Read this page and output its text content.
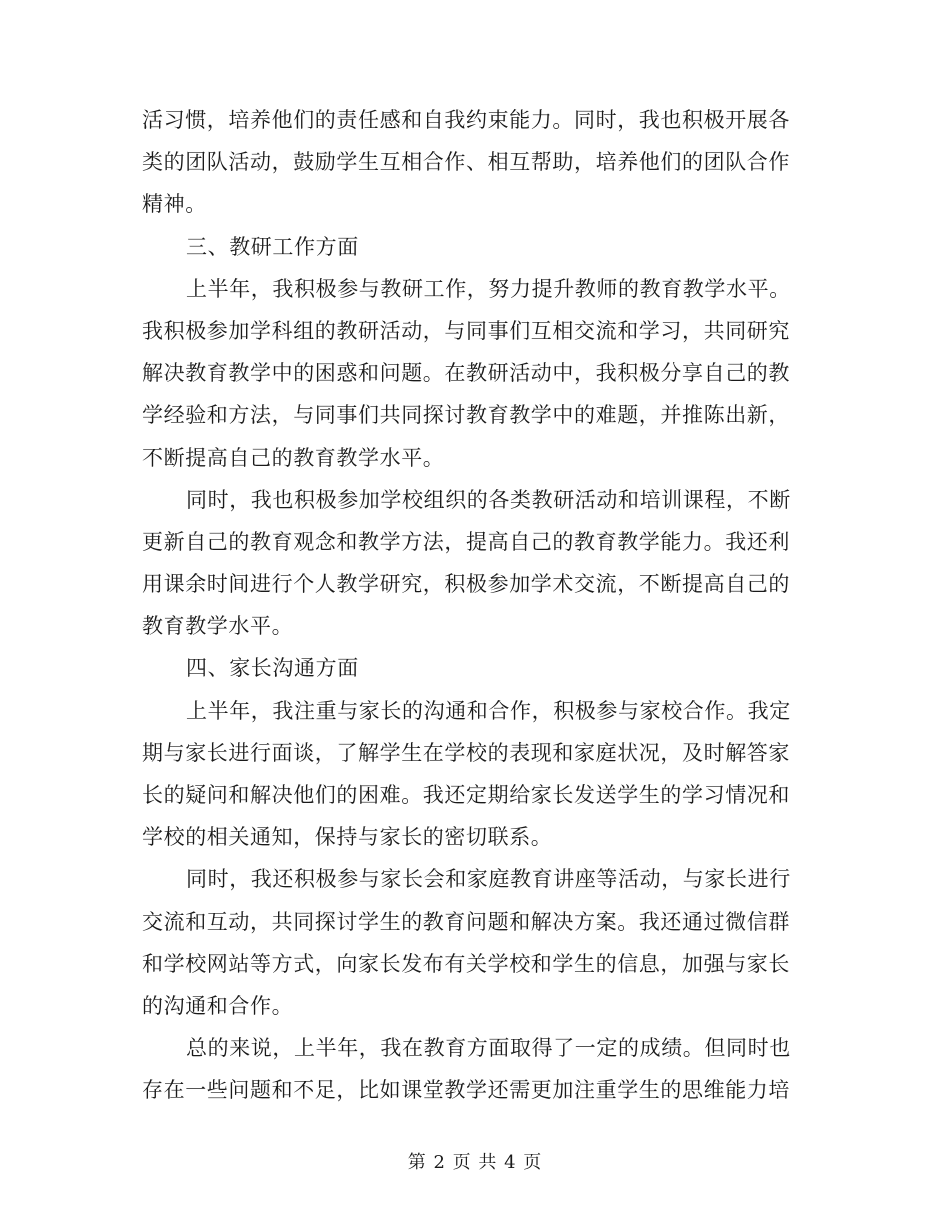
活习惯，培养他们的责任感和自我约束能力。同时，我也积极开展各
类的团队活动，鼓励学生互相合作、相互帮助，培养他们的团队合作
精神。
三、教研工作方面
上半年，我积极参与教研工作，努力提升教师的教育教学水平。
我积极参加学科组的教研活动，与同事们互相交流和学习，共同研究
解决教育教学中的困惑和问题。在教研活动中，我积极分享自己的教
学经验和方法，与同事们共同探讨教育教学中的难题，并推陈出新，
不断提高自己的教育教学水平。
同时，我也积极参加学校组织的各类教研活动和培训课程，不断
更新自己的教育观念和教学方法，提高自己的教育教学能力。我还利
用课余时间进行个人教学研究，积极参加学术交流，不断提高自己的
教育教学水平。
四、家长沟通方面
上半年，我注重与家长的沟通和合作，积极参与家校合作。我定
期与家长进行面谈，了解学生在学校的表现和家庭状况，及时解答家
长的疑问和解决他们的困难。我还定期给家长发送学生的学习情况和
学校的相关通知，保持与家长的密切联系。
同时，我还积极参与家长会和家庭教育讲座等活动，与家长进行
交流和互动，共同探讨学生的教育问题和解决方案。我还通过微信群
和学校网站等方式，向家长发布有关学校和学生的信息，加强与家长
的沟通和合作。
总的来说，上半年，我在教育方面取得了一定的成绩。但同时也
存在一些问题和不足，比如课堂教学还需更加注重学生的思维能力培
第 2 页 共 4 页
